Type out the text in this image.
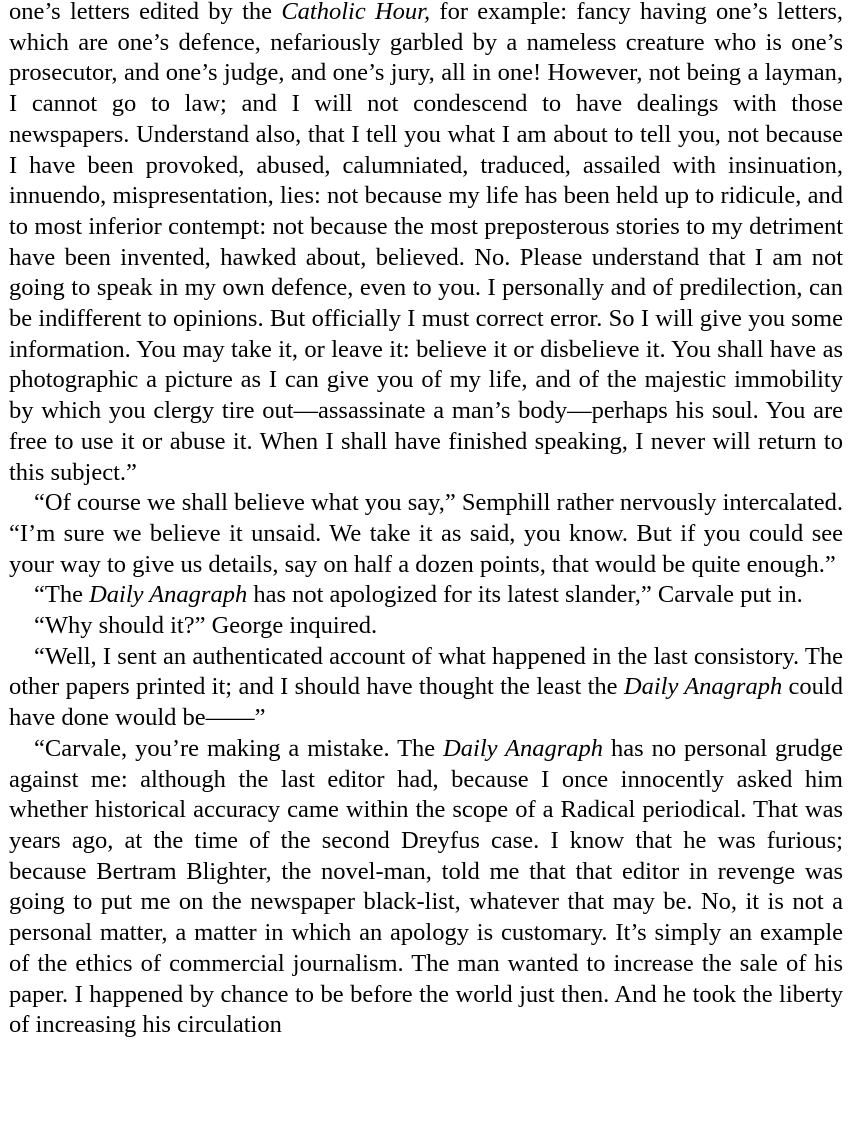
one’s letters edited by the Catholic Hour, for example: fancy having one’s letters, which are one’s defence, nefariously garbled by a nameless creature who is one’s prosecutor, and one’s judge, and one’s jury, all in one! However, not being a layman, I cannot go to law; and I will not condescend to have dealings with those newspapers. Understand also, that I tell you what I am about to tell you, not because I have been provoked, abused, calumniated, traduced, assailed with insinuation, innuendo, mispresentation, lies: not because my life has been held up to ridicule, and to most inferior contempt: not because the most preposterous stories to my detriment have been invented, hawked about, believed. No. Please understand that I am not going to speak in my own defence, even to you. I personally and of predilection, can be indifferent to opinions. But officially I must correct error. So I will give you some information. You may take it, or leave it: believe it or disbelieve it. You shall have as photographic a picture as I can give you of my life, and of the majestic immobility by which you clergy tire out—assassinate a man’s body—perhaps his soul. You are free to use it or abuse it. When I shall have finished speaking, I never will return to this subject.”

“Of course we shall believe what you say,” Semphill rather nervously intercalated. “I’m sure we believe it unsaid. We take it as said, you know. But if you could see your way to give us details, say on half a dozen points, that would be quite enough.”

“The Daily Anagraph has not apologized for its latest slander,” Carvale put in.

“Why should it?” George inquired.

“Well, I sent an authenticated account of what happened in the last consistory. The other papers printed it; and I should have thought the least the Daily Anagraph could have done would be——”

“Carvale, you’re making a mistake. The Daily Anagraph has no personal grudge against me: although the last editor had, because I once innocently asked him whether historical accuracy came within the scope of a Radical periodical. That was years ago, at the time of the second Dreyfus case. I know that he was furious; because Bertram Blighter, the novel-man, told me that that editor in revenge was going to put me on the newspaper black-list, whatever that may be. No, it is not a personal matter, a matter in which an apology is customary. It’s simply an example of the ethics of commercial journalism. The man wanted to increase the sale of his paper. I happened by chance to be before the world just then. And he took the liberty of increasing his circulation
